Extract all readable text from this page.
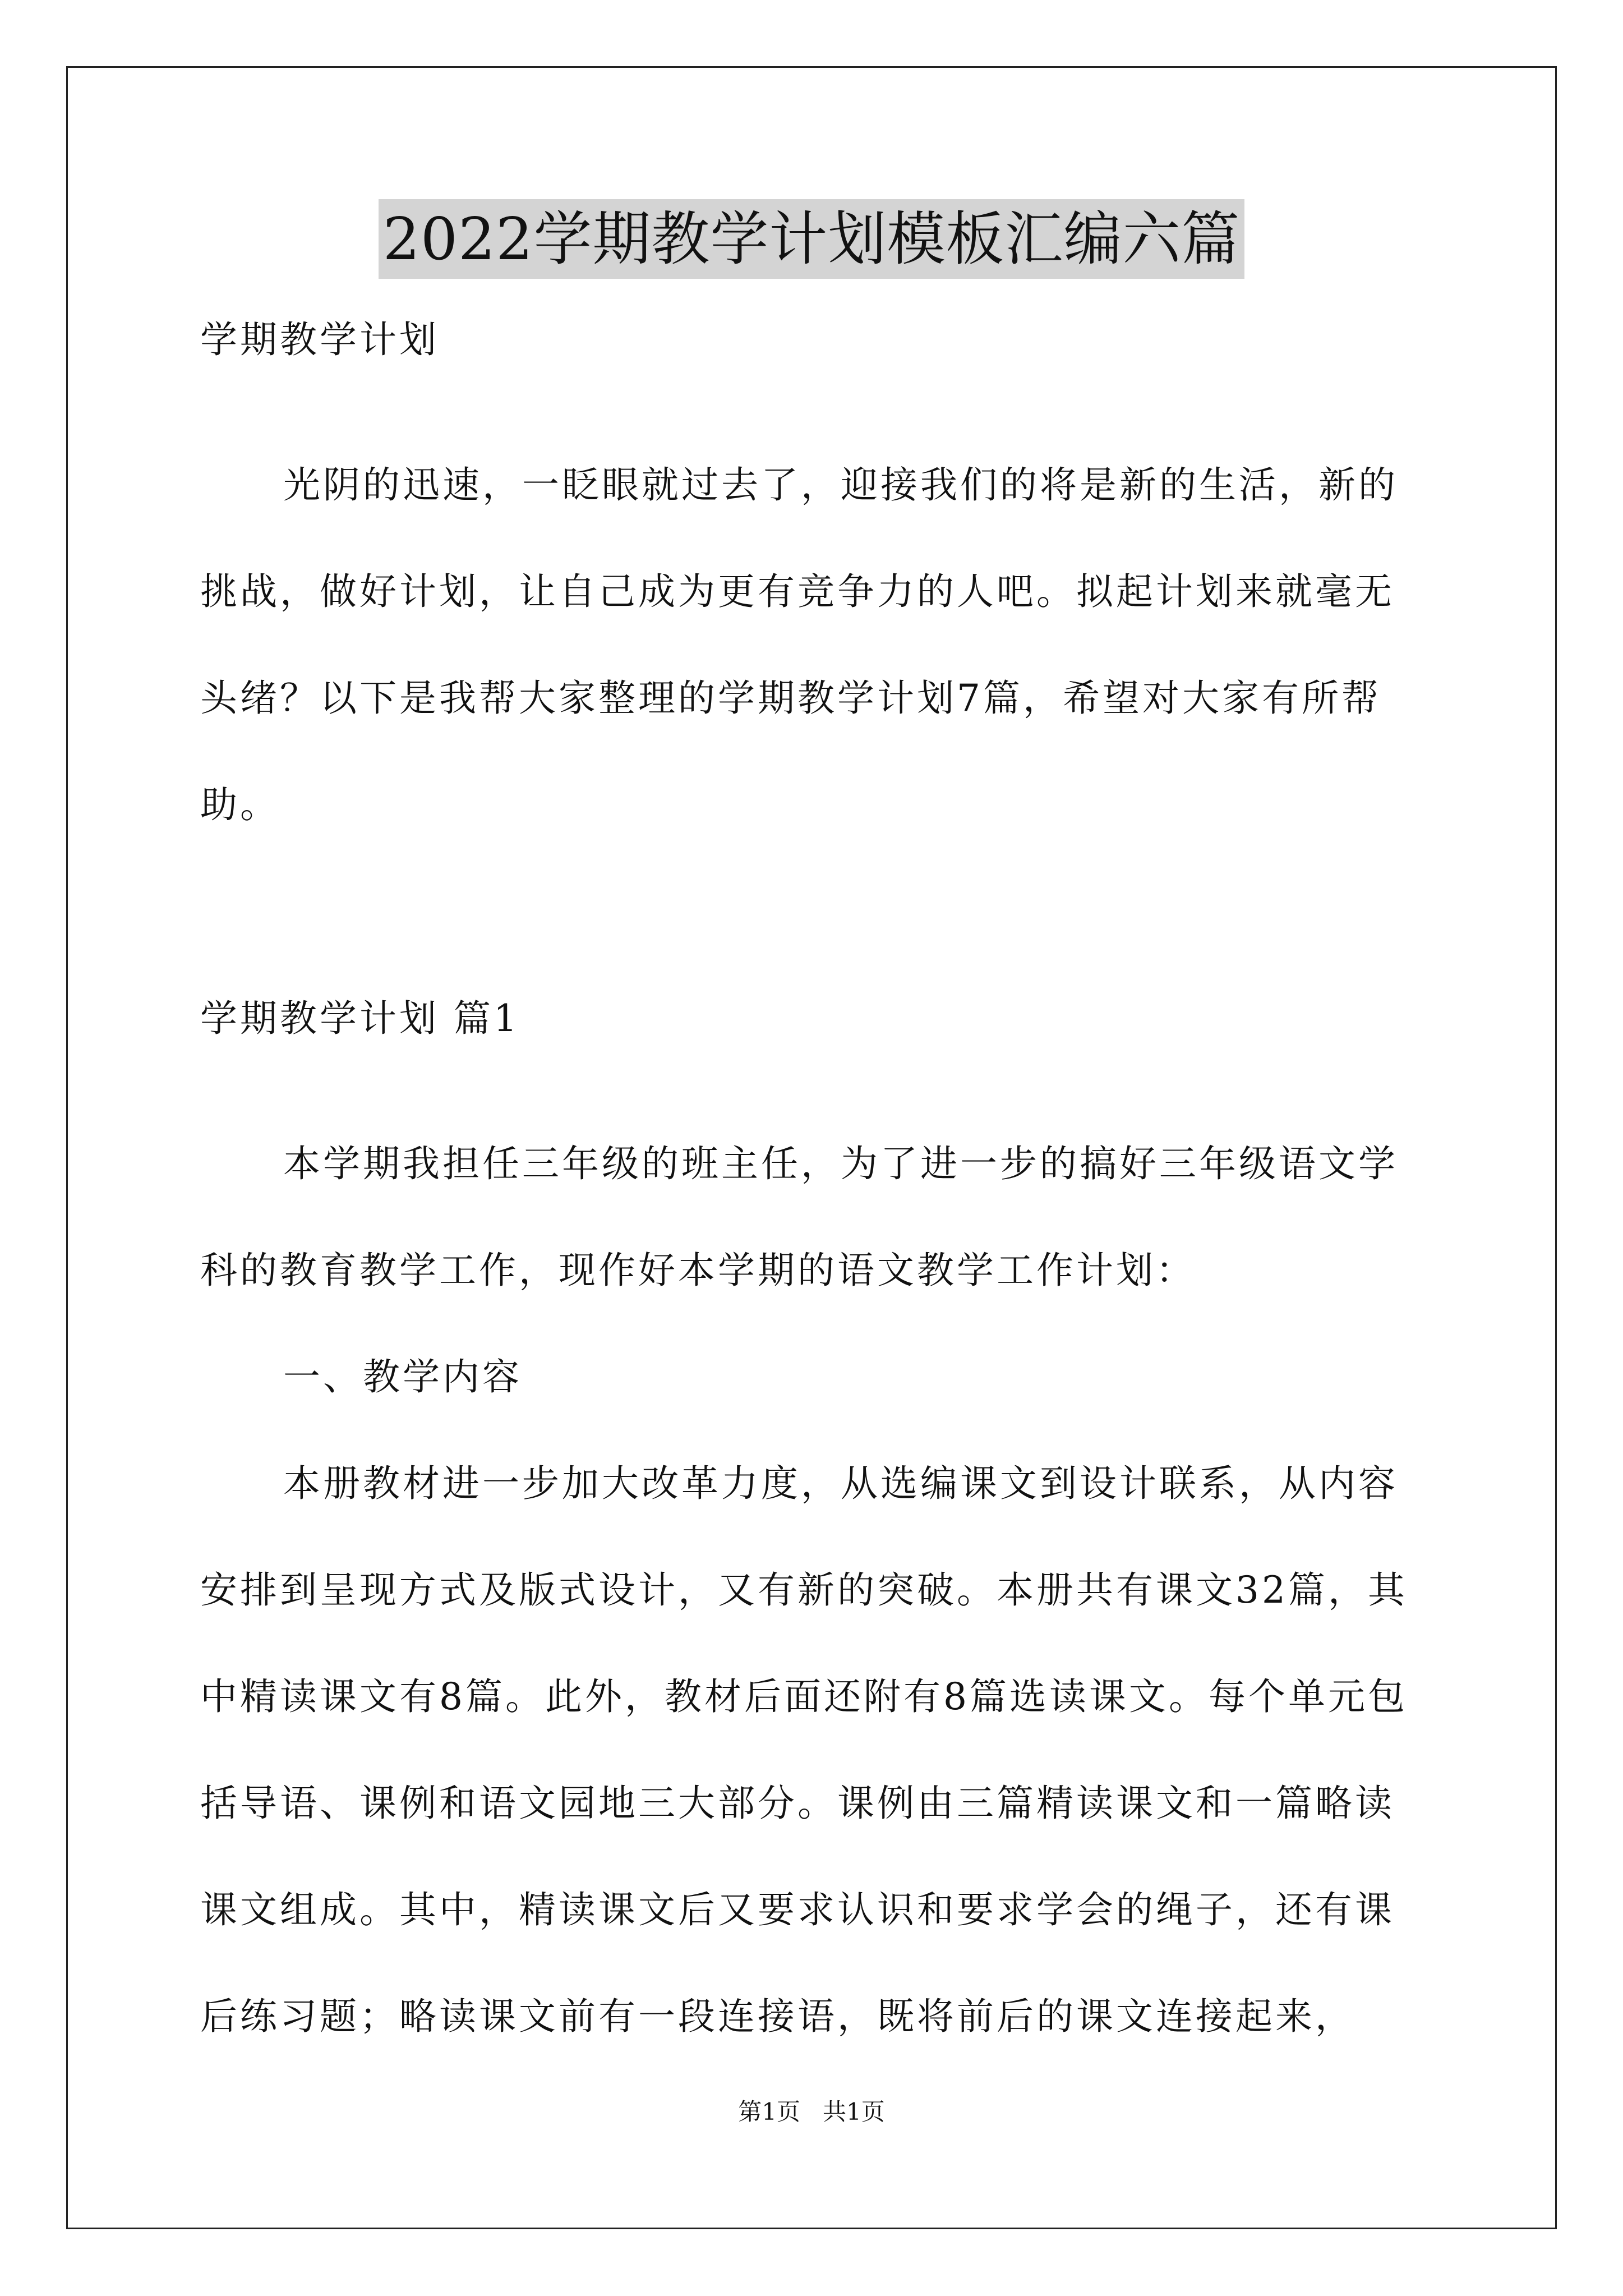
2022学期教学计划模板汇编六篇
学期教学计划

光阴的迅速，一眨眼就过去了，迎接我们的将是新的生活，新的挑战，做好计划，让自己成为更有竞争力的人吧。拟起计划来就毫无头绪？以下是我帮大家整理的学期教学计划7篇，希望对大家有所帮助。

学期教学计划 篇1

本学期我担任三年级的班主任，为了进一步的搞好三年级语文学科的教育教学工作，现作好本学期的语文教学工作计划：

一、教学内容

本册教材进一步加大改革力度，从选编课文到设计联系，从内容安排到呈现方式及版式设计，又有新的突破。本册共有课文32篇，其中精读课文有8篇。此外，教材后面还附有8篇选读课文。每个单元包括导语、课例和语文园地三大部分。课例由三篇精读课文和一篇略读课文组成。其中，精读课文后又要求认识和要求学会的绳子，还有课后练习题；略读课文前有一段连接语，既将前后的课文连接起来，

第1页   共1页
